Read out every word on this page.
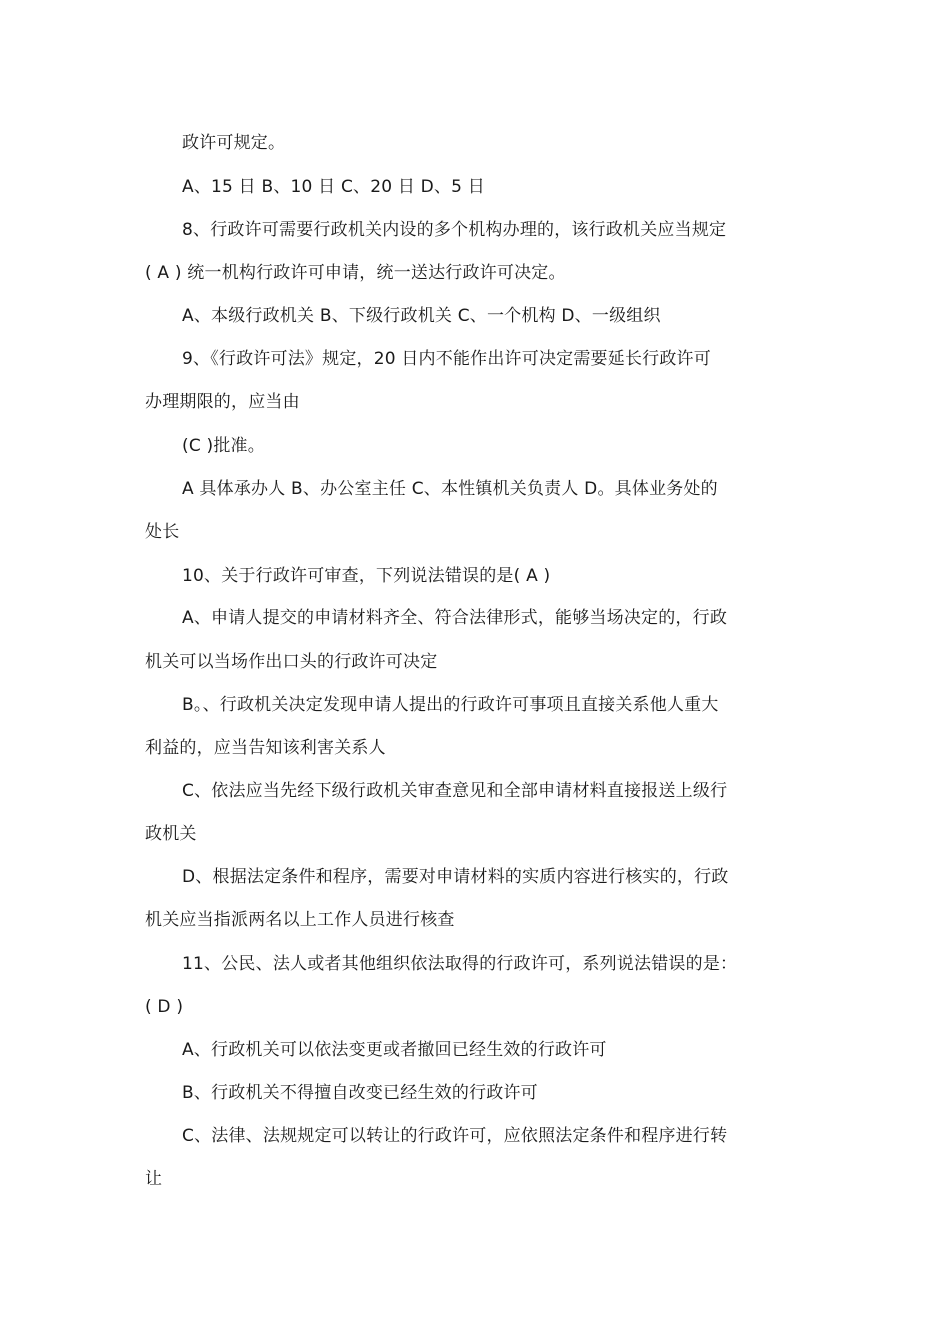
政许可规定。
A、15 日 B、10 日 C、20 日 D、5 日
8、行政许可需要行政机关内设的多个机构办理的，该行政机关应当规定
( A ) 统一机构行政许可申请，统一送达行政许可决定。
A、本级行政机关 B、下级行政机关 C、一个机构 D、一级组织
9、《行政许可法》规定，20 日内不能作出许可决定需要延长行政许可
办理期限的，应当由
(C )批准。
A 具体承办人 B、办公室主任 C、本性镇机关负责人 D。具体业务处的
处长
10、关于行政许可审查，下列说法错误的是( A )
A、申请人提交的申请材料齐全、符合法律形式，能够当场决定的，行政
机关可以当场作出口头的行政许可决定
B。、行政机关决定发现申请人提出的行政许可事项且直接关系他人重大
利益的，应当告知该利害关系人
C、依法应当先经下级行政机关审查意见和全部申请材料直接报送上级行
政机关
D、根据法定条件和程序，需要对申请材料的实质内容进行核实的，行政
机关应当指派两名以上工作人员进行核查
11、公民、法人或者其他组织依法取得的行政许可，系列说法错误的是：
( D )
A、行政机关可以依法变更或者撤回已经生效的行政许可
B、行政机关不得擅自改变已经生效的行政许可
C、法律、法规规定可以转让的行政许可，应依照法定条件和程序进行转
让
